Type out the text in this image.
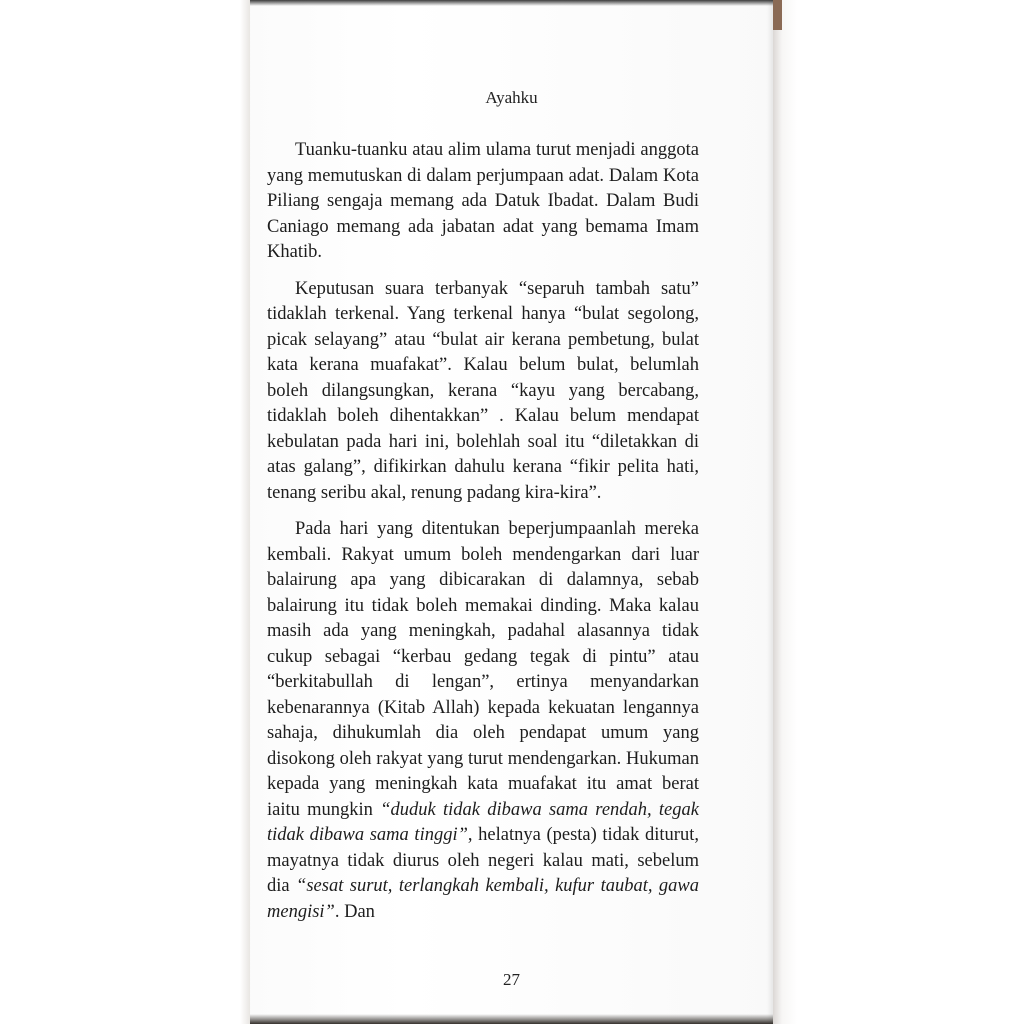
Ayahku

Tuanku-tuanku atau alim ulama turut menjadi anggota yang memutuskan di dalam perjumpaan adat. Dalam Kota Piliang sengaja memang ada Datuk Ibadat. Dalam Budi Caniago memang ada jabatan adat yang bemama Imam Khatib.

Keputusan suara terbanyak “separuh tambah satu” tidaklah terkenal. Yang terkenal hanya “bulat segolong, picak selayang” atau “bulat air kerana pembetung, bulat kata kerana muafakat”. Kalau belum bulat, belumlah boleh dilangsungkan, kerana “kayu yang bercabang, tidaklah boleh dihentakkan” . Kalau belum mendapat kebulatan pada hari ini, bolehlah soal itu “diletakkan di atas galang”, difikirkan dahulu kerana “fikir pelita hati, tenang seribu akal, renung padang kira-kira”.

Pada hari yang ditentukan beperjumpaanlah mereka kembali. Rakyat umum boleh mendengarkan dari luar balairung apa yang dibicarakan di dalamnya, sebab balairung itu tidak boleh memakai dinding. Maka kalau masih ada yang meningkah, padahal alasannya tidak cukup sebagai “kerbau gedang tegak di pintu” atau “berkitabullah di lengan”, ertinya menyandarkan kebenarannya (Kitab Allah) kepada kekuatan lengannya sahaja, dihukumlah dia oleh pendapat umum yang disokong oleh rakyat yang turut mendengarkan. Hukuman kepada yang meningkah kata muafakat itu amat berat iaitu mungkin “duduk tidak dibawa sama rendah, tegak tidak dibawa sama tinggi”, helatnya (pesta) tidak diturut, mayatnya tidak diurus oleh negeri kalau mati, sebelum dia “sesat surut, terlangkah kembali, kufur taubat, gawa mengisi”. Dan

27
